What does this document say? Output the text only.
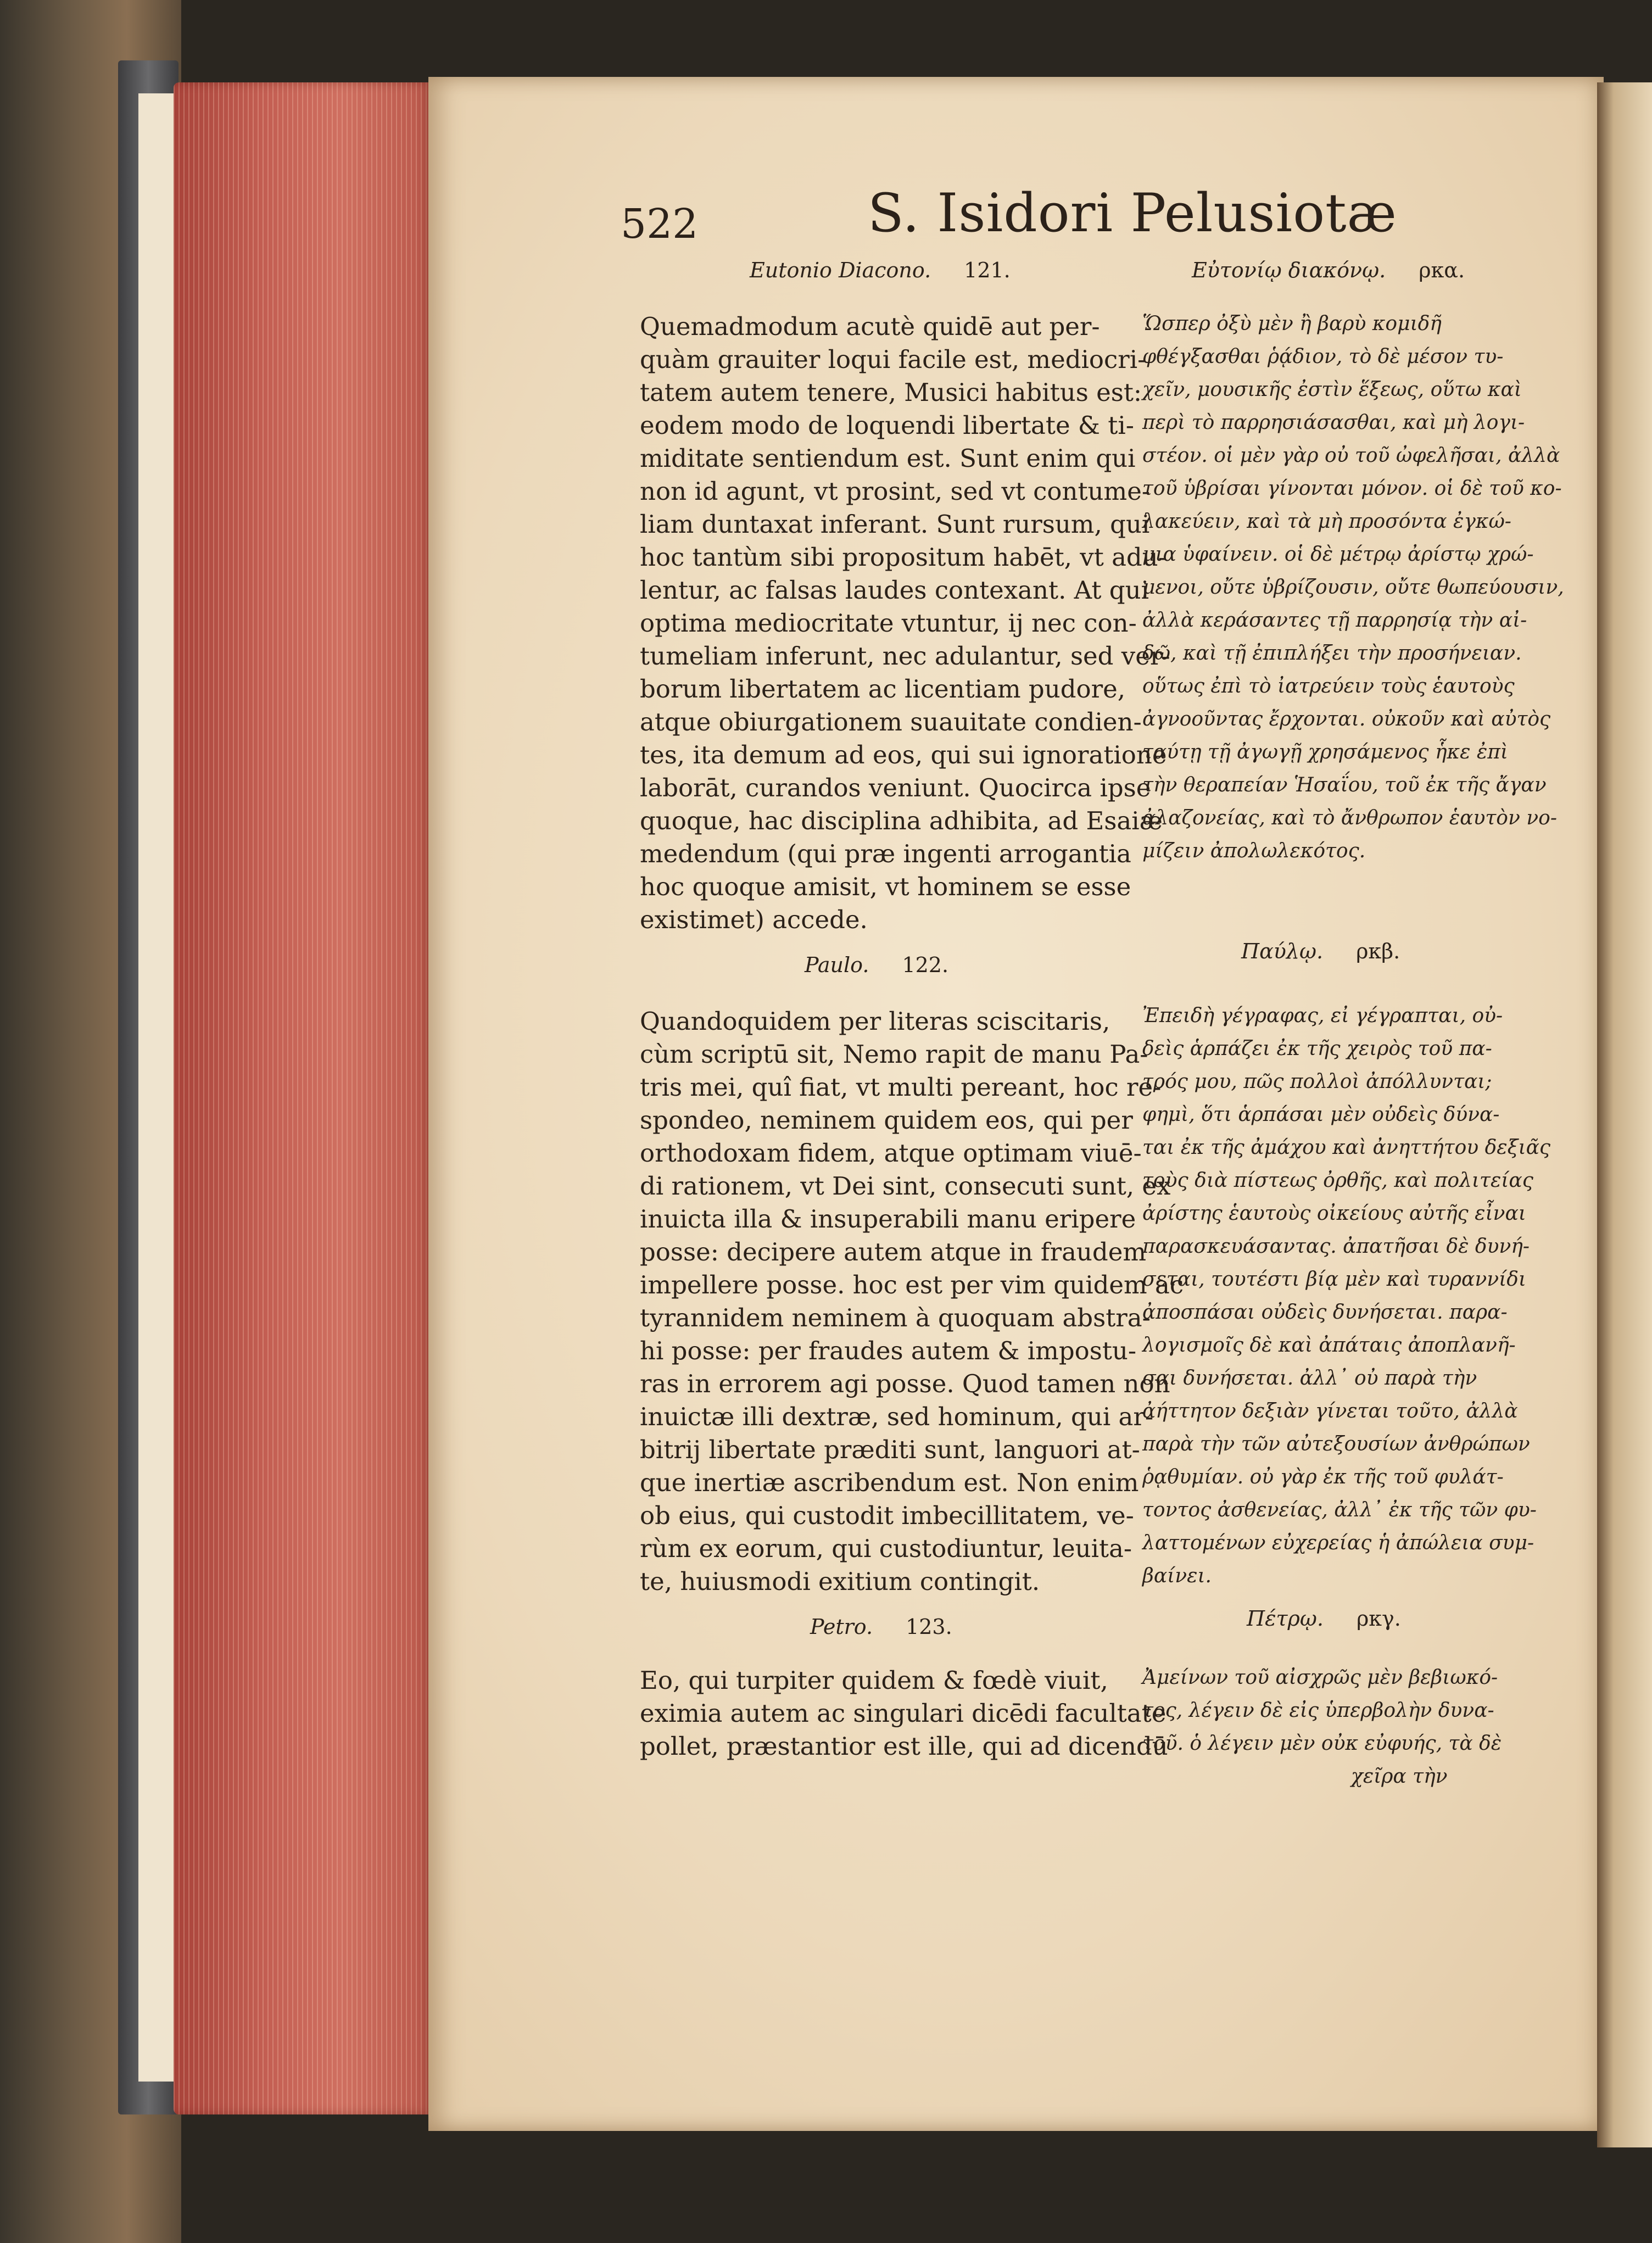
522	S. Isidori Pelusiotæ
Eutonio Diacono. 121.
Quemadmodum acutè quidē aut per-
quàm grauiter loqui facile est, mediocri-
tatem autem tenere, Musici habitus est:
eodem modo de loquendi libertate & ti-
miditate sentiendum est. Sunt enim qui
non id agunt, vt prosint, sed vt contume-
liam duntaxat inferant. Sunt rursum, qui
hoc tantùm sibi propositum habēt, vt adu-
lentur, ac falsas laudes contexant. At qui
optima mediocritate vtuntur, ij nec con-
tumeliam inferunt, nec adulantur, sed ver-
borum libertatem ac licentiam pudore,
atque obiurgationem suauitate condien-
tes, ita demum ad eos, qui sui ignoratione
laborāt, curandos veniunt. Quocirca ipse
quoque, hac disciplina adhibita, ad Esaiæ
medendum (qui præ ingenti arrogantia
hoc quoque amisit, vt hominem se esse
existimet) accede.
Paulo. 122.
Quandoquidem per literas sciscitaris,
cùm scriptū sit, Nemo rapit de manu Pa-
tris mei, quî fiat, vt multi pereant, hoc re-
spondeo, neminem quidem eos, qui per
orthodoxam fidem, atque optimam viuē-
di rationem, vt Dei sint, consecuti sunt, ex
inuicta illa & insuperabili manu eripere
posse: decipere autem atque in fraudem
impellere posse. hoc est per vim quidem ac
tyrannidem neminem à quoquam abstra-
hi posse: per fraudes autem & impostu-
ras in errorem agi posse. Quod tamen non
inuictæ illi dextræ, sed hominum, qui ar-
bitrij libertate præditi sunt, languori at-
que inertiæ ascribendum est. Non enim
ob eius, qui custodit imbecillitatem, ve-
rùm ex eorum, qui custodiuntur, leuita-
te, huiusmodi exitium contingit.
Petro. 123.
Eo, qui turpiter quidem & fœdè viuit,
eximia autem ac singulari dicēdi facultate
pollet, præstantior est ille, qui ad dicendū
Εὐτονίῳ διακόνῳ. ρκα.
Ὥσπερ ὀξὺ μὲν ἢ βαρὺ κομιδῆ
φθέγξασθαι ῥᾴδιον, τὸ δὲ μέσον τυ-
χεῖν, μουσικῆς ἐστὶν ἕξεως, οὕτω καὶ
περὶ τὸ παρρησιάσασθαι, καὶ μὴ λογι-
στέον. οἱ μὲν γὰρ οὐ τοῦ ὠφελῆσαι, ἀλλὰ
τοῦ ὑβρίσαι γίνονται μόνον. οἱ δὲ τοῦ κο-
λακεύειν, καὶ τὰ μὴ προσόντα ἐγκώ-
μια ὑφαίνειν. οἱ δὲ μέτρῳ ἀρίστῳ χρώ-
μενοι, οὔτε ὑβρίζουσιν, οὔτε θωπεύουσιν,
ἀλλὰ κεράσαντες τῇ παρρησίᾳ τὴν αἰ-
δῶ, καὶ τῇ ἐπιπλήξει τὴν προσήνειαν.
οὕτως ἐπὶ τὸ ἰατρεύειν τοὺς ἑαυτοὺς
ἀγνοοῦντας ἔρχονται. οὐκοῦν καὶ αὐτὸς
ταύτῃ τῇ ἀγωγῇ χρησάμενος ἧκε ἐπὶ
τὴν θεραπείαν Ἡσαΐου, τοῦ ἐκ τῆς ἄγαν
ἀλαζονείας, καὶ τὸ ἄνθρωπον ἑαυτὸν νο-
μίζειν ἀπολωλεκότος.
Παύλῳ. ρκβ.
Ἐπειδὴ γέγραφας, εἰ γέγραπται, οὐ-
δεὶς ἁρπάζει ἐκ τῆς χειρὸς τοῦ πα-
τρός μου, πῶς πολλοὶ ἀπόλλυνται;
φημὶ, ὅτι ἁρπάσαι μὲν οὐδεὶς δύνα-
ται ἐκ τῆς ἀμάχου καὶ ἀνηττήτου δεξιᾶς
τοὺς διὰ πίστεως ὀρθῆς, καὶ πολιτείας
ἀρίστης ἑαυτοὺς οἰκείους αὐτῆς εἶναι
παρασκευάσαντας. ἀπατῆσαι δὲ δυνή-
σεται, τουτέστι βίᾳ μὲν καὶ τυραννίδι
ἀποσπάσαι οὐδεὶς δυνήσεται. παρα-
λογισμοῖς δὲ καὶ ἀπάταις ἀποπλανῆ-
σαι δυνήσεται. ἀλλ᾽ οὐ παρὰ τὴν
ἀήττητον δεξιὰν γίνεται τοῦτο, ἀλλὰ
παρὰ τὴν τῶν αὐτεξουσίων ἀνθρώπων
ῥᾳθυμίαν. οὐ γὰρ ἐκ τῆς τοῦ φυλάτ-
τοντος ἀσθενείας, ἀλλ᾽ ἐκ τῆς τῶν φυ-
λαττομένων εὐχερείας ἡ ἀπώλεια συμ-
βαίνει.
Πέτρῳ. ρκγ.
Ἀμείνων τοῦ αἰσχρῶς μὲν βεβιωκό-
τος, λέγειν δὲ εἰς ὑπερβολὴν δυνα-
τοῦ. ὁ λέγειν μὲν οὐκ εὐφυής, τὰ δὲ
χεῖρα τὴν
